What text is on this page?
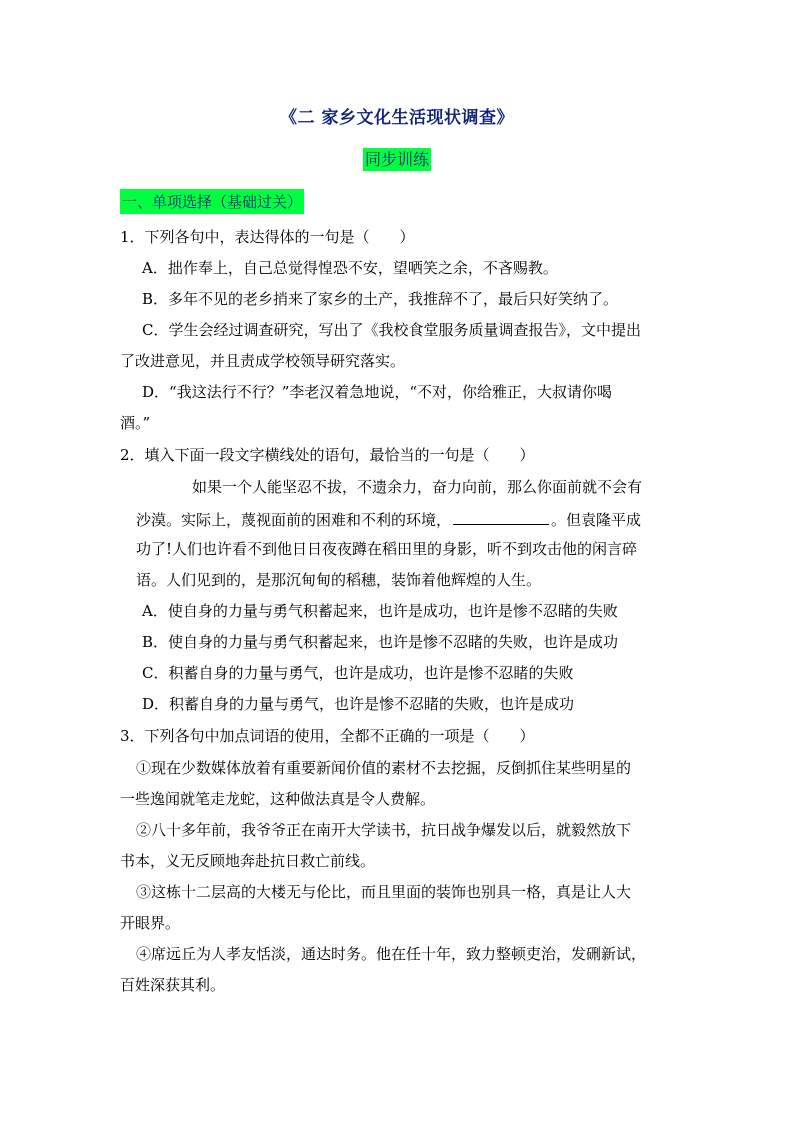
《二 家乡文化生活现状调查》
同步训练
一、单项选择（基础过关）
1．下列各句中，表达得体的一句是（　　）
A．拙作奉上，自己总觉得惶恐不安，望哂笑之余，不吝赐教。
B．多年不见的老乡捎来了家乡的土产，我推辞不了，最后只好笑纳了。
C．学生会经过调查研究，写出了《我校食堂服务质量调查报告》，文中提出
了改进意见，并且责成学校领导研究落实。
D．“我这法行不行？”李老汉着急地说，“不对，你给雅正，大叔请你喝
酒。”
2．填入下面一段文字横线处的语句，最恰当的一句是（　　）
如果一个人能坚忍不拔，不遗余力，奋力向前，那么你面前就不会有
沙漠。实际上，蔑视面前的困难和不利的环境，	。但袁隆平成
功了!人们也许看不到他日日夜夜蹲在稻田里的身影，听不到攻击他的闲言碎
语。人们见到的，是那沉甸甸的稻穗，装饰着他辉煌的人生。
A．使自身的力量与勇气积蓄起来，也许是成功，也许是惨不忍睹的失败
B．使自身的力量与勇气积蓄起来，也许是惨不忍睹的失败，也许是成功
C．积蓄自身的力量与勇气，也许是成功，也许是惨不忍睹的失败
D．积蓄自身的力量与勇气，也许是惨不忍睹的失败，也许是成功
3．下列各句中加点词语的使用，全都不正确的一项是（　　）
①现在少数媒体放着有重要新闻价值的素材不去挖掘，反倒抓住某些明星的
一些逸闻就笔走龙蛇，这种做法真是令人费解。
②八十多年前，我爷爷正在南开大学读书，抗日战争爆发以后，就毅然放下
书本，义无反顾地奔赴抗日救亡前线。
③这栋十二层高的大楼无与伦比，而且里面的装饰也别具一格，真是让人大
开眼界。
④席远丘为人孝友恬淡，通达时务。他在任十年，致力整顿吏治，发硎新试，
百姓深获其利。
